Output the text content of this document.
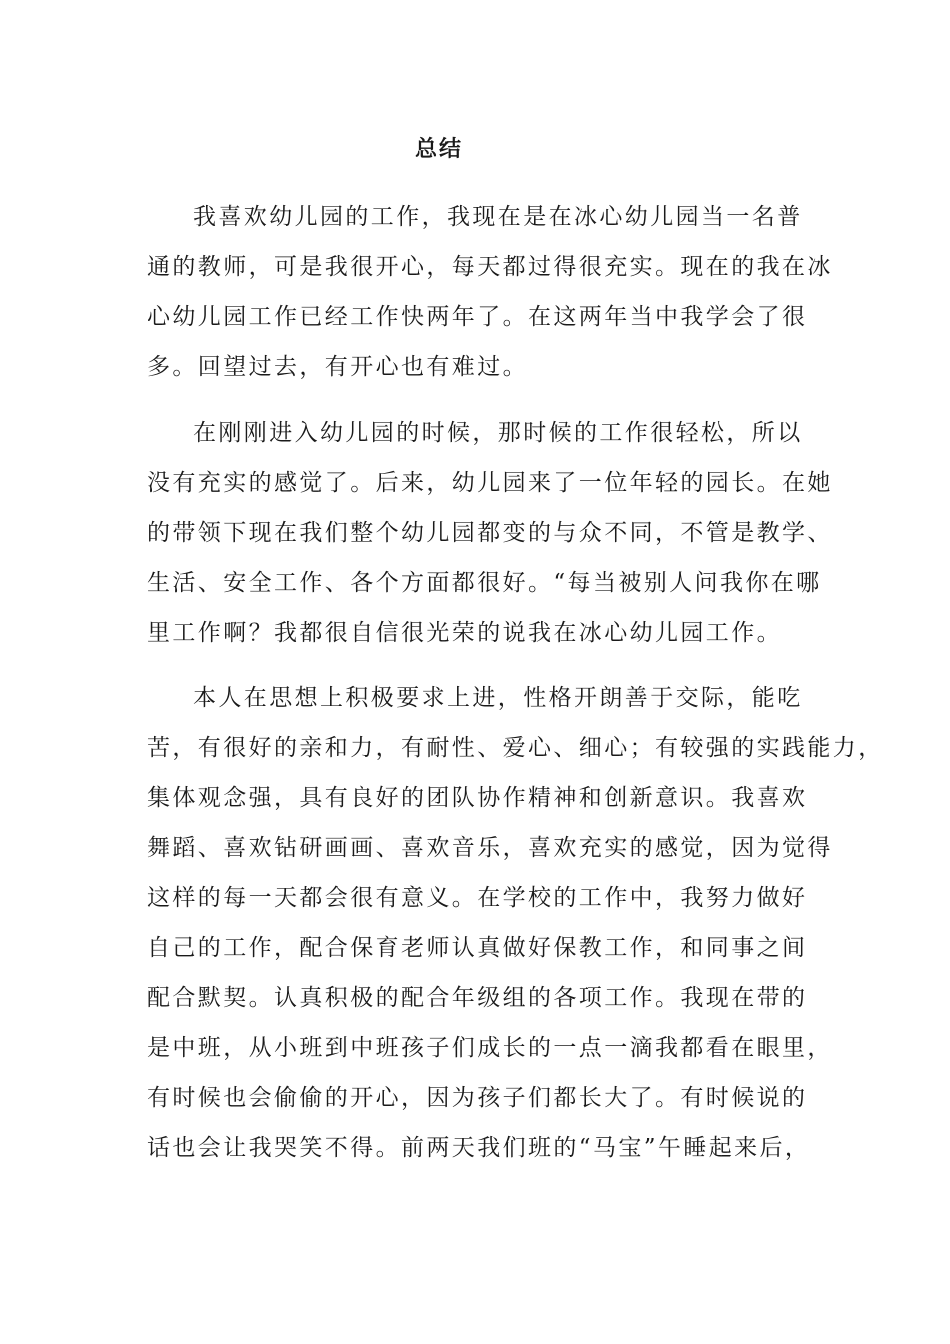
总结
我喜欢幼儿园的工作，我现在是在冰心幼儿园当一名普
通的教师，可是我很开心，每天都过得很充实。现在的我在冰
心幼儿园工作已经工作快两年了。在这两年当中我学会了很
多。回望过去，有开心也有难过。
在刚刚进入幼儿园的时候，那时候的工作很轻松，所以
没有充实的感觉了。后来，幼儿园来了一位年轻的园长。在她
的带领下现在我们整个幼儿园都变的与众不同，不管是教学、
生活、安全工作、各个方面都很好。“每当被别人问我你在哪
里工作啊？我都很自信很光荣的说我在冰心幼儿园工作。
本人在思想上积极要求上进，性格开朗善于交际，能吃
苦，有很好的亲和力，有耐性、爱心、细心；有较强的实践能力，
集体观念强，具有良好的团队协作精神和创新意识。我喜欢
舞蹈、喜欢钻研画画、喜欢音乐，喜欢充实的感觉，因为觉得
这样的每一天都会很有意义。在学校的工作中，我努力做好
自己的工作，配合保育老师认真做好保教工作，和同事之间
配合默契。认真积极的配合年级组的各项工作。我现在带的
是中班，从小班到中班孩子们成长的一点一滴我都看在眼里，
有时候也会偷偷的开心，因为孩子们都长大了。有时候说的
话也会让我哭笑不得。前两天我们班的“马宝”午睡起来后，
